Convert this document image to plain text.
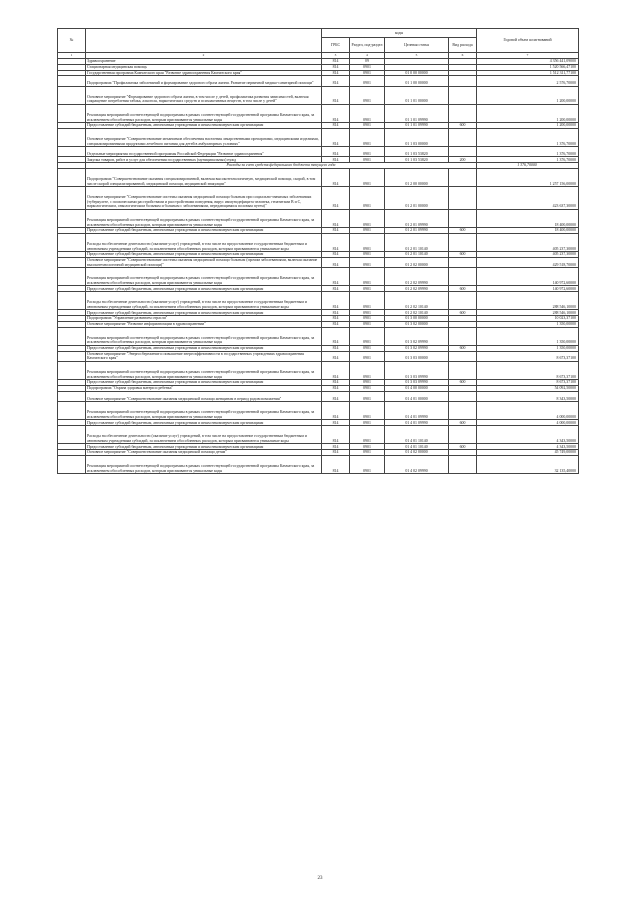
№		коды				Годовой объем ассигнований
		ГРБС	Раздел, под-раздел	Целевая статья	Вид расхода	
1	2	3	4	5	6	7
	Здравоохранение	814	09			4 356 441,09000
	Стационарная медицинская помощь	814	0901			1 520 566,47100
	Государственная программа Камчатского края "Развитие здравоохранения Камчатского края"	814	0901	01 0 00 00000		1 512 311,77100
	Подпрограмма "Профилактика заболеваний и формирование здорового образа жизни. Развитие первичной медико-санитарной помощи"	814	0901	01 1 00 00000		2 576,70000
	Основное мероприятие "Формирование здорового образа жизни, в том числе у детей, профилактика развития зависимостей, включая сокращение потребления табака, алкоголя, наркотических средств и психоактивных веществ, в том числе у детей"	814	0901	01 1 01 00000		1 200,00000
	Реализация мероприятий соответствующей подпрограммы в рамках соответствующей государственной программы Камчатского края, за исключением обособленных расходов, которым присваиваются уникальные коды	814	0901	01 1 01 09990		1 200,00000
	Предоставление субсидий бюджетным, автономным учреждениям и иным некоммерческим организациям	814	0901	01 1 01 09990	600	1 200,00000
	Основное мероприятие "Совершенствование механизмов обеспечения населения лекарственными препаратами, медицинскими изделиями, специализированными продуктами лечебного питания для детей в амбулаторных условиях"	814	0901	01 1 03 00000		1 376,70000
	Отдельные мероприятия государственной программы Российской Федерации "Развитие здравоохранения"	814	0901	01 1 03 53820		1 376,70000
	Закупка товаров, работ и услуг для обеспечения государственных (муниципальных) нужд	814	0901	01 1 03 53820	200	1 376,70000
	Расходы за счет средств федерального бюджета текущего года					1 376,70000
	Подпрограмма "Совершенствование оказания специализированной, включая высокотехнологичную, медицинской помощи, скорой, в том числе скорой специализированной, медицинской помощи, медицинской эвакуации"	814	0901	01 2 00 00000		1 257 156,00000
	Основное мероприятие "Совершенствование системы оказания медицинской помощи больным при социально-значимых заболеваниях (туберкулезе, с психическими расстройствами и расстройствами поведения, вирус иммунодефицита человека, гепатитами В и С, наркологическим, онкологическим больным и больным с заболеваниями, передающимися половым путем)"	814	0901	01 2 01 00000		423 637,30000
	Реализация мероприятий соответствующей подпрограммы в рамках соответствующей государственной программы Камчатского края, за исключением обособленных расходов, которым присваиваются уникальные коды	814	0901	01 2 01 09990		18 400,00000
	Предоставление субсидий бюджетным, автономным учреждениям и иным некоммерческим организациям	814	0901	01 2 01 09990	600	18 400,00000
	Расходы на обеспечение деятельности (оказание услуг) учреждений, в том числе на предоставление государственным бюджетным и автономным учреждениям субсидий, за исключением обособленных расходов, которым присваиваются уникальные коды	814	0901	01 2 01 10140		405 237,30000
	Предоставление субсидий бюджетным, автономным учреждениям и иным некоммерческим организациям	814	0901	01 2 01 10140	600	405 237,30000
	Основное мероприятие "Совершенствование системы оказания медицинской помощи больным (прочим заболеваниями, включая оказание высокотехнологичной медицинской помощи)"	814	0901	01 2 02 00000		429 518,70000
	Реализация мероприятий соответствующей подпрограммы в рамках соответствующей государственной программы Камчатского края, за исключением обособленных расходов, которым присваиваются уникальные коды	814	0901	01 2 02 09990		140 972,60000
	Предоставление субсидий бюджетным, автономным учреждениям и иным некоммерческим организациям	814	0901	01 2 02 09990	600	140 972,60000
	Расходы на обеспечение деятельности (оказание услуг) учреждений, в том числе на предоставление государственным бюджетным и автономным учреждениям субсидий, за исключением обособленных расходов, которым присваиваются уникальные коды	814	0901	01 2 02 10140		288 546,10000
	Предоставление субсидий бюджетным, автономным учреждениям и иным некоммерческим организациям	814	0901	01 2 02 10140	600	288 546,10000
	Подпрограмма "Управление развитием отрасли"	814	0901	01 3 00 00000		10 023,37100
	Основное мероприятие "Развитие информатизации в здравоохранении"	814	0901	01 3 02 00000		1 350,00000
	Реализация мероприятий соответствующей подпрограммы в рамках соответствующей государственной программы Камчатского края, за исключением обособленных расходов, которым присваиваются уникальные коды	814	0901	01 3 02 09990		1 350,00000
	Предоставление субсидий бюджетным, автономным учреждениям и иным некоммерческим организациям	814	0901	01 3 02 09990	600	1 350,00000
	Основное мероприятие "Энергосбережение и повышение энергоэффективности в государственных учреждениях здравоохранения Камчатского края"	814	0901	01 3 03 00000		8 673,37100
	Реализация мероприятий соответствующей подпрограммы в рамках соответствующей государственной программы Камчатского края, за исключением обособленных расходов, которым присваиваются уникальные коды	814	0901	01 3 03 09990		8 673,37100
	Предоставление субсидий бюджетным, автономным учреждениям и иным некоммерческим организациям	814	0901	01 3 03 09990	600	8 673,37100
	Подпрограмма "Охрана здоровья матери и ребенка"	814	0901	01 4 00 00000		54 092,50000
	Основное мероприятие "Совершенствование оказания медицинской помощи женщинам в период родовспоможения"	814	0901	01 4 01 00000		8 343,50000
	Реализация мероприятий соответствующей подпрограммы в рамках соответствующей государственной программы Камчатского края, за исключением обособленных расходов, которым присваиваются уникальные коды	814	0901	01 4 01 09990		4 000,00000
	Предоставление субсидий бюджетным, автономным учреждениям и иным некоммерческим организациям	814	0901	01 4 01 09990	600	4 000,00000
	Расходы на обеспечение деятельности (оказание услуг) учреждений, в том числе на предоставление государственным бюджетным и автономным учреждениям субсидий, за исключением обособленных расходов, которым присваиваются уникальные коды	814	0901	01 4 01 10140		4 343,50000
	Предоставление субсидий бюджетным, автономным учреждениям и иным некоммерческим организациям	814	0901	01 4 01 10140	600	4 343,50000
	Основное мероприятие "Совершенствование оказания медицинской помощи детям"	814	0901	01 4 02 00000		45 749,00000
	Реализация мероприятий соответствующей подпрограммы в рамках соответствующей государственной программы Камчатского края, за исключением обособленных расходов, которым присваиваются уникальные коды	814	0901	01 4 02 09990		32 135,40000
23
